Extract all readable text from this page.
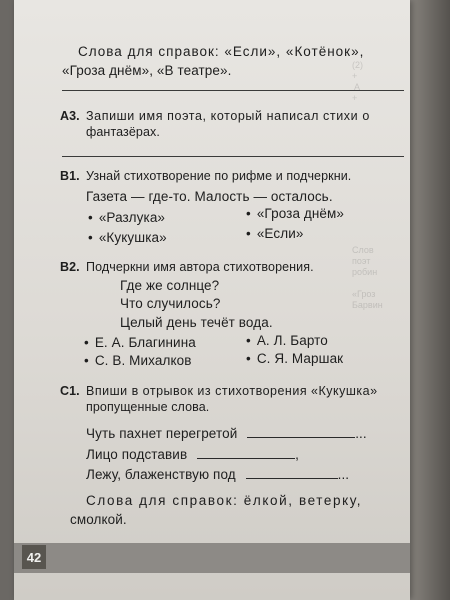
(2)
+
A
+
Слов
поэт
робин

«Гроз
Барвин
Слова для справок: «Если», «Котёнок»,
«Гроза днём», «В театре».
А3. Запиши имя поэта, который написал стихи о
фантазёрах.
В1. Узнай стихотворение по рифме и подчеркни.
Газета — где-то. Малость — осталось.
• «Разлука»
• «Кукушка»
• «Гроза днём»
• «Если»
В2. Подчеркни имя автора стихотворения.
Где же солнце?
Что случилось?
Целый день течёт вода.
• Е. А. Благинина
• С. В. Михалков
• А. Л. Барто
• С. Я. Маршак
С1. Впиши в отрывок из стихотворения «Кукушка»
пропущенные слова.
Чуть пахнет перегретой	...
Лицо подставив	,
Лежу, блаженствую под	...
Слова для справок: ёлкой, ветерку,
смолкой.
42
